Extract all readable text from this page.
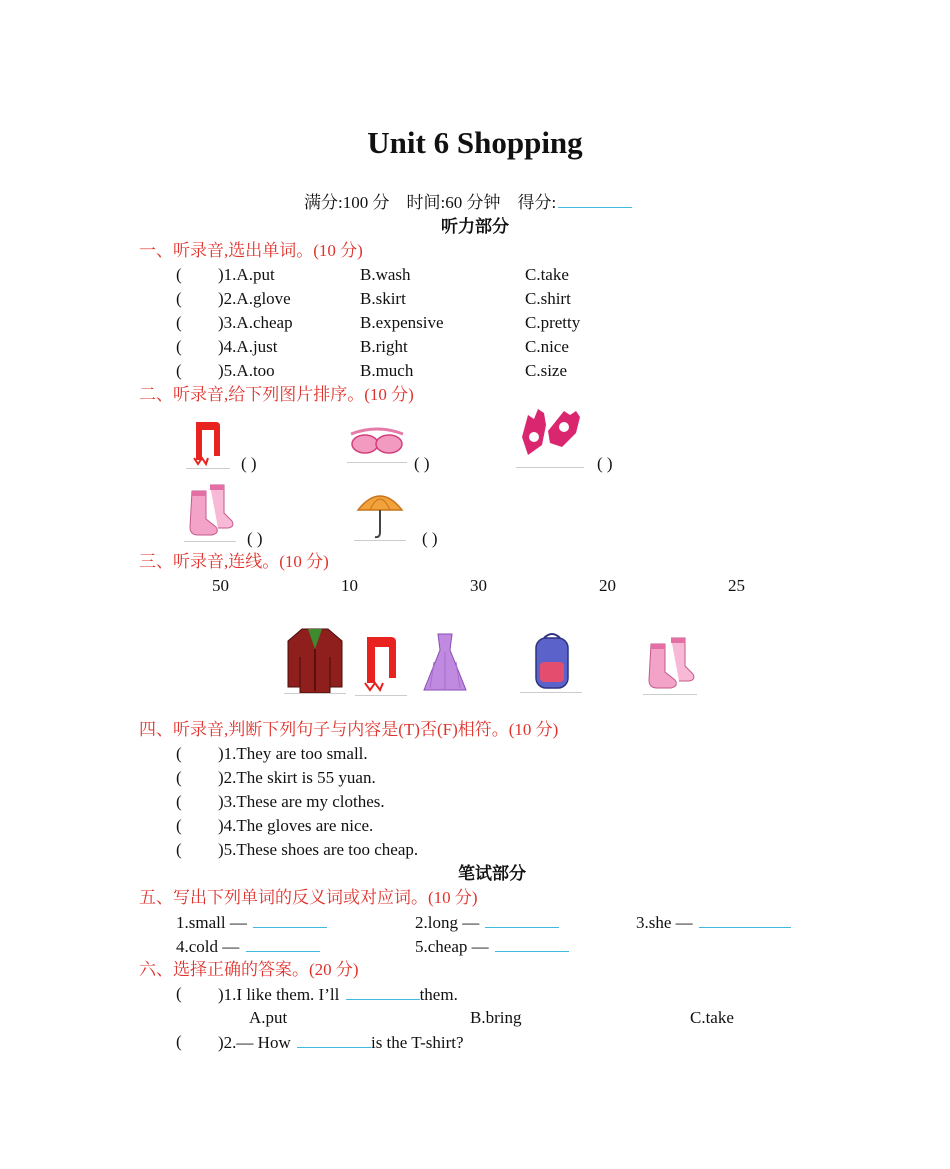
Unit 6 Shopping
满分:100 分 时间:60 分钟 得分:
听力部分
一、听录音,选出单词。(10 分)
( )1.A.put	B.wash	C.take
( )2.A.glove	B.skirt	C.shirt
( )3.A.cheap	B.expensive	C.pretty
( )4.A.just	B.right	C.nice
( )5.A.too	B.much	C.size
二、听录音,给下列图片排序。(10 分)
( )	( )	( )
( )	( )
三、听录音,连线。(10 分)
50	10	30	20	25
四、听录音,判断下列句子与内容是(T)否(F)相符。(10 分)
( )1.They are too small.
( )2.The skirt is 55 yuan.
( )3.These are my clothes.
( )4.The gloves are nice.
( )5.These shoes are too cheap.
笔试部分
五、写出下列单词的反义词或对应词。(10 分)
1.small —	2.long —	3.she —
4.cold —	5.cheap —
六、选择正确的答案。(20 分)
( )1.I like them. I’ll	them.
A.put	B.bring	C.take
( )2.— How	is the T-shirt?
